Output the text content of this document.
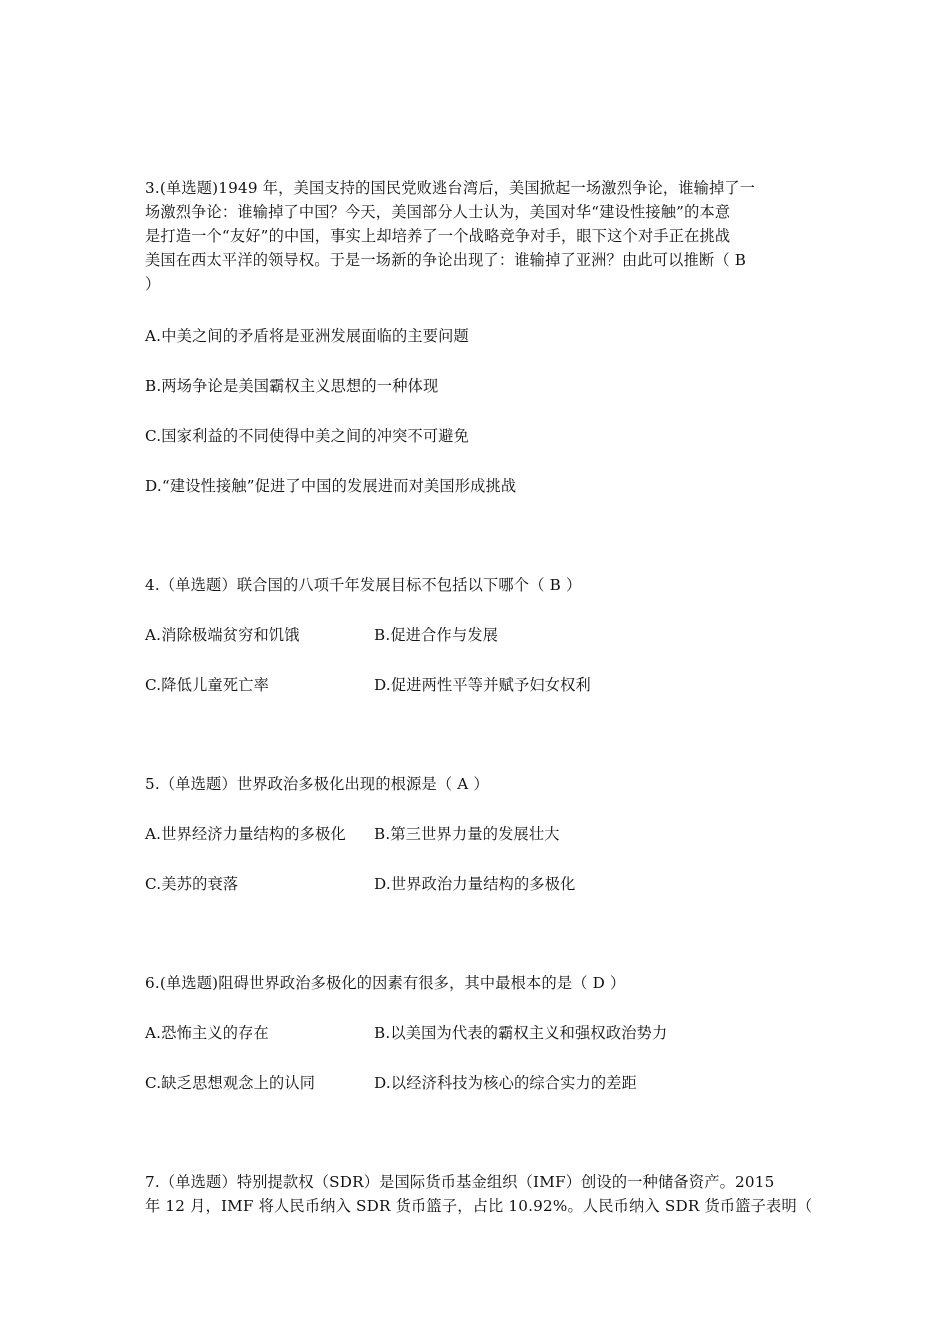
3.(单选题)1949 年，美国支持的国民党败逃台湾后，美国掀起一场激烈争论，谁输掉了一
场激烈争论：谁输掉了中国？今天，美国部分人士认为，美国对华“建设性接触”的本意
是打造一个“友好”的中国，事实上却培养了一个战略竞争对手，眼下这个对手正在挑战
美国在西太平洋的领导权。于是一场新的争论出现了：谁输掉了亚洲？由此可以推断（ B
）
A.中美之间的矛盾将是亚洲发展面临的主要问题
B.两场争论是美国霸权主义思想的一种体现
C.国家利益的不同使得中美之间的冲突不可避免
D.“建设性接触”促进了中国的发展进而对美国形成挑战
4.（单选题）联合国的八项千年发展目标不包括以下哪个（ B ）
A.消除极端贫穷和饥饿	B.促进合作与发展
C.降低儿童死亡率	D.促进两性平等并赋予妇女权利
5.（单选题）世界政治多极化出现的根源是（ A ）
A.世界经济力量结构的多极化 B.第三世界力量的发展壮大
C.美苏的衰落	D.世界政治力量结构的多极化
6.(单选题)阻碍世界政治多极化的因素有很多，其中最根本的是（ D ）
A.恐怖主义的存在	B.以美国为代表的霸权主义和强权政治势力
C.缺乏思想观念上的认同	D.以经济科技为核心的综合实力的差距
7.（单选题）特别提款权（SDR）是国际货币基金组织（IMF）创设的一种储备资产。2015
年 12 月，IMF 将人民币纳入 SDR 货币篮子，占比 10.92%。人民币纳入 SDR 货币篮子表明（
